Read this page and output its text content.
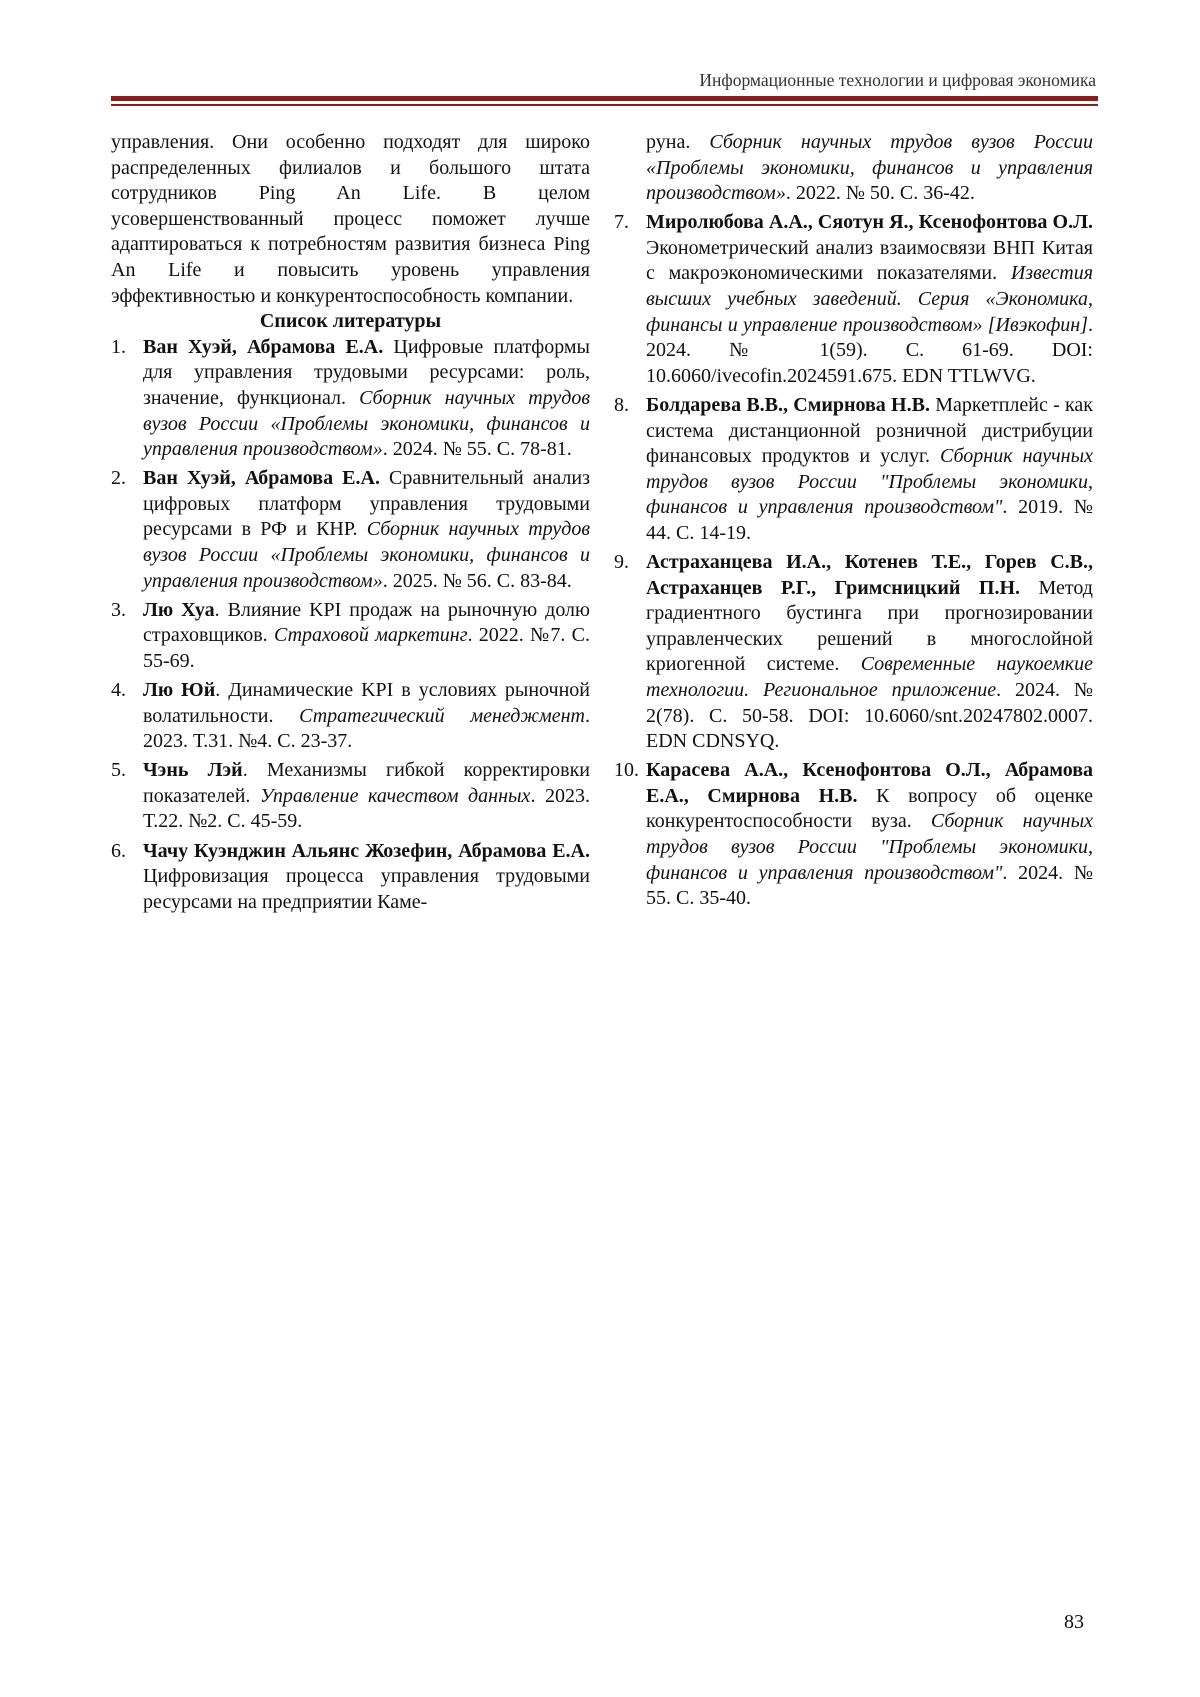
Информационные технологии и цифровая экономика

управления. Они особенно подходят для широко распределенных филиалов и большого штата сотрудников Ping An Life. В целом усовершенствованный процесс поможет лучше адаптироваться к потребностям развития бизнеса Ping An Life и повысить уровень управления эффективностью и конкурентоспособность компании.

Список литературы

1. Ван Хуэй, Абрамова Е.А. Цифровые платформы для управления трудовыми ресурсами: роль, значение, функционал. Сборник научных трудов вузов России «Проблемы экономики, финансов и управления производством». 2024. № 55. С. 78-81.
2. Ван Хуэй, Абрамова Е.А. Сравнительный анализ цифровых платформ управления трудовыми ресурсами в РФ и КНР. Сборник научных трудов вузов России «Проблемы экономики, финансов и управления производством». 2025. № 56. С. 83-84.
3. Лю Хуа. Влияние KPI продаж на рыночную долю страховщиков. Страховой маркетинг. 2022. №7. С. 55-69.
4. Лю Юй. Динамические KPI в условиях рыночной волатильности. Стратегический менеджмент. 2023. Т.31. №4. С. 23-37.
5. Чэнь Лэй. Механизмы гибкой корректировки показателей. Управление качеством данных. 2023. Т.22. №2. С. 45-59.
6. Чачу Куэнджин Альянс Жозефин, Абрамова Е.А. Цифровизация процесса управления трудовыми ресурсами на предприятии Каме-
руна. Сборник научных трудов вузов России «Проблемы экономики, финансов и управления производством». 2022. № 50. С. 36-42.
7. Миролюбова А.А., Сяотун Я., Ксенофонтова О.Л. Эконометрический анализ взаимосвязи ВНП Китая с макроэкономическими показателями. Известия высших учебных заведений. Серия «Экономика, финансы и управление производством» [Ивэкофин]. 2024. № 1(59). С. 61-69. DOI: 10.6060/ivecofin.2024591.675. EDN TTLWVG.
8. Болдарева В.В., Смирнова Н.В. Маркетплейс - как система дистанционной розничной дистрибуции финансовых продуктов и услуг. Сборник научных трудов вузов России "Проблемы экономики, финансов и управления производством". 2019. № 44. С. 14-19.
9. Астраханцева И.А., Котенев Т.Е., Горев С.В., Астраханцев Р.Г., Гримсницкий П.Н. Метод градиентного бустинга при прогнозировании управленческих решений в многослойной криогенной системе. Современные наукоемкие технологии. Региональное приложение. 2024. № 2(78). С. 50-58. DOI: 10.6060/snt.20247802.0007. EDN CDNSYQ.
10. Карасева А.А., Ксенофонтова О.Л., Абрамова Е.А., Смирнова Н.В. К вопросу об оценке конкурентоспособности вуза. Сборник научных трудов вузов России "Проблемы экономики, финансов и управления производством". 2024. № 55. С. 35-40.
83
